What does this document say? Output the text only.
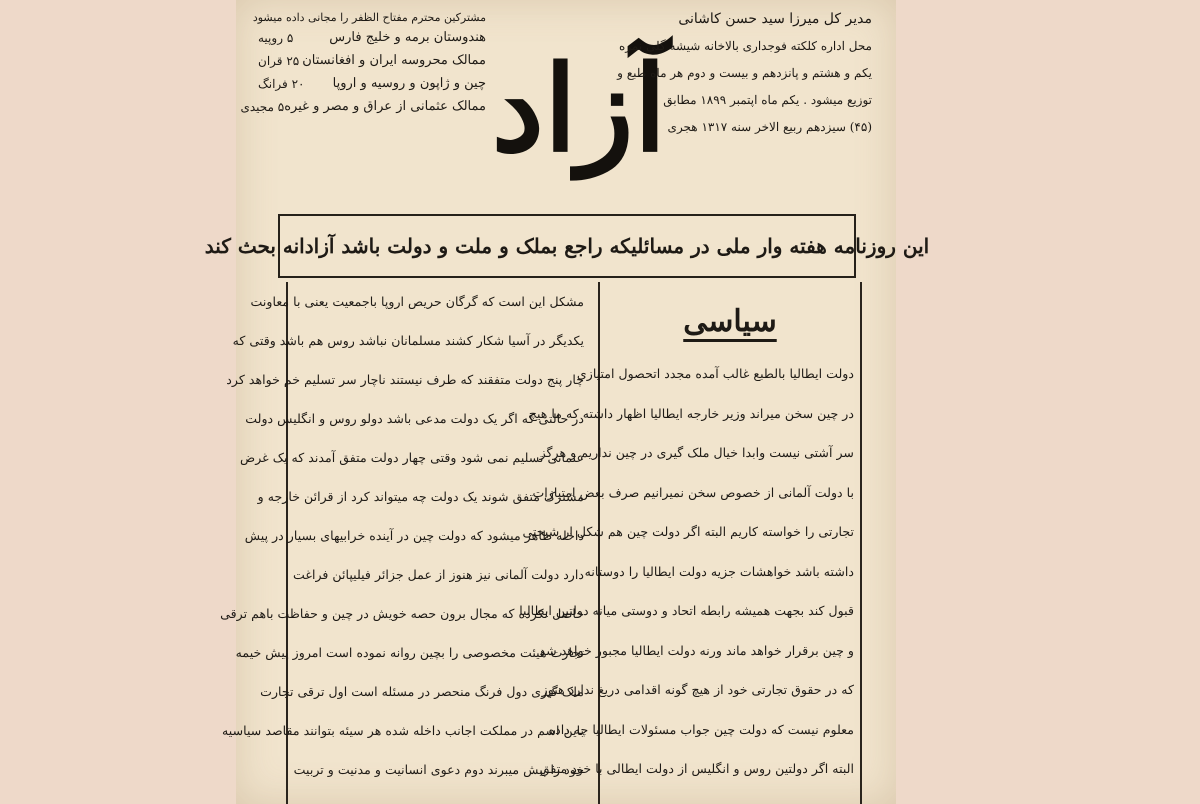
مشترکین محترم مفتاح الظفر را مجانی داده میشود
هندوستان برمه و خلیج فارس
۵ روپیه
ممالک محروسه ایران و افغانستان
۲۵ قران
چین و ژاپون و روسیه و اروپا
۲۰ فرانگ
ممالک عثمانی از عراق و مصر و غیره
۵ مجیدی آزاد
مدیر کل میرزا سید حسن کاشانی
محل اداره کلکته فوجداری بالاخانه شیشه گلی نمره
یکم و هشتم و پانزدهم و بیست و دوم هر ماه طبع و
توزیع میشود . یکم ماه اپتمبر ۱۸۹۹ مطابق
(۴۵) سیزدهم ربیع الاخر سنه ۱۳۱۷ هجری
این روزنامه هفته وار ملی در مسائلیکه راجع بملک و ملت و دولت باشد آزادانه بحث کند
سیاسی
دولت ایطالیا بالطبع غالب آمده مجدد اتحصول امتیازی
در چین سخن میراند وزیر خارجه ایطالیا اظهار داشته که ما هیچ
سر آشتی نیست وابدا خیال ملک گیری در چین نداریم و هرگز
با دولت آلمانی از خصوص سخن نمیرانیم صرف بعض امتیازات
تجارتی را خواسته کاریم البته اگر دولت چین هم شکل ار شیحتی
داشته باشد خواهشات جزیه دولت ایطالیا را دوستانه
قبول کند بجهت همیشه رابطه اتحاد و دوستی میانه دولتین ایطالیا
و چین برقرار خواهد ماند ورنه دولت ایطالیا مجبور خواهد شد
که در حقوق تجارتی خود از هیچ گونه اقدامی دریغ ندارد هنوز
معلوم نیست که دولت چین جواب مسئولات ایطالیا چه داده
البته اگر دولتین روس و انگلیس از دولت ایطالی با خود متفق
مشکل این است که گرگان حریص اروپا باجمعیت یعنی با معاونت
یکدیگر در آسیا شکار کشند مسلمانان نباشد روس هم باشد وقتی که
چار پنج دولت متفقند که طرف نیستند ناچار سر تسلیم خم خواهد کرد
در حالتی که اگر یک دولت مدعی باشد دولو روس و انگلیس دولت
عثمانی تسلیم نمی شود وقتی چهار دولت متفق آمدند که یک غرض
مشترک متفق شوند یک دولت چه میتواند کرد از قرائن خارجه و
داخله ظاهر میشود که دولت چین در آینده خرابیهای بسیار در پیش
دارد دولت آلمانی نیز هنوز از عمل جزائر فیلیپائن فراغت
حاصل نکرده که مجال برون حصه خویش در چین و حفاظت باهم ترقی
تجارت هیئت مخصوصی را بچین روانه نموده است امروز پیش خیمه
ملک گیری دول فرنگ منحصر در مسئله است اول ترقی تجارت
باین اسم در مملکت اجانب داخله شده هر سیئه بتوانند مقاصد سیاسیه
خود را پیش میبرند دوم دعوی انسانیت و مدنیت و تربیت
